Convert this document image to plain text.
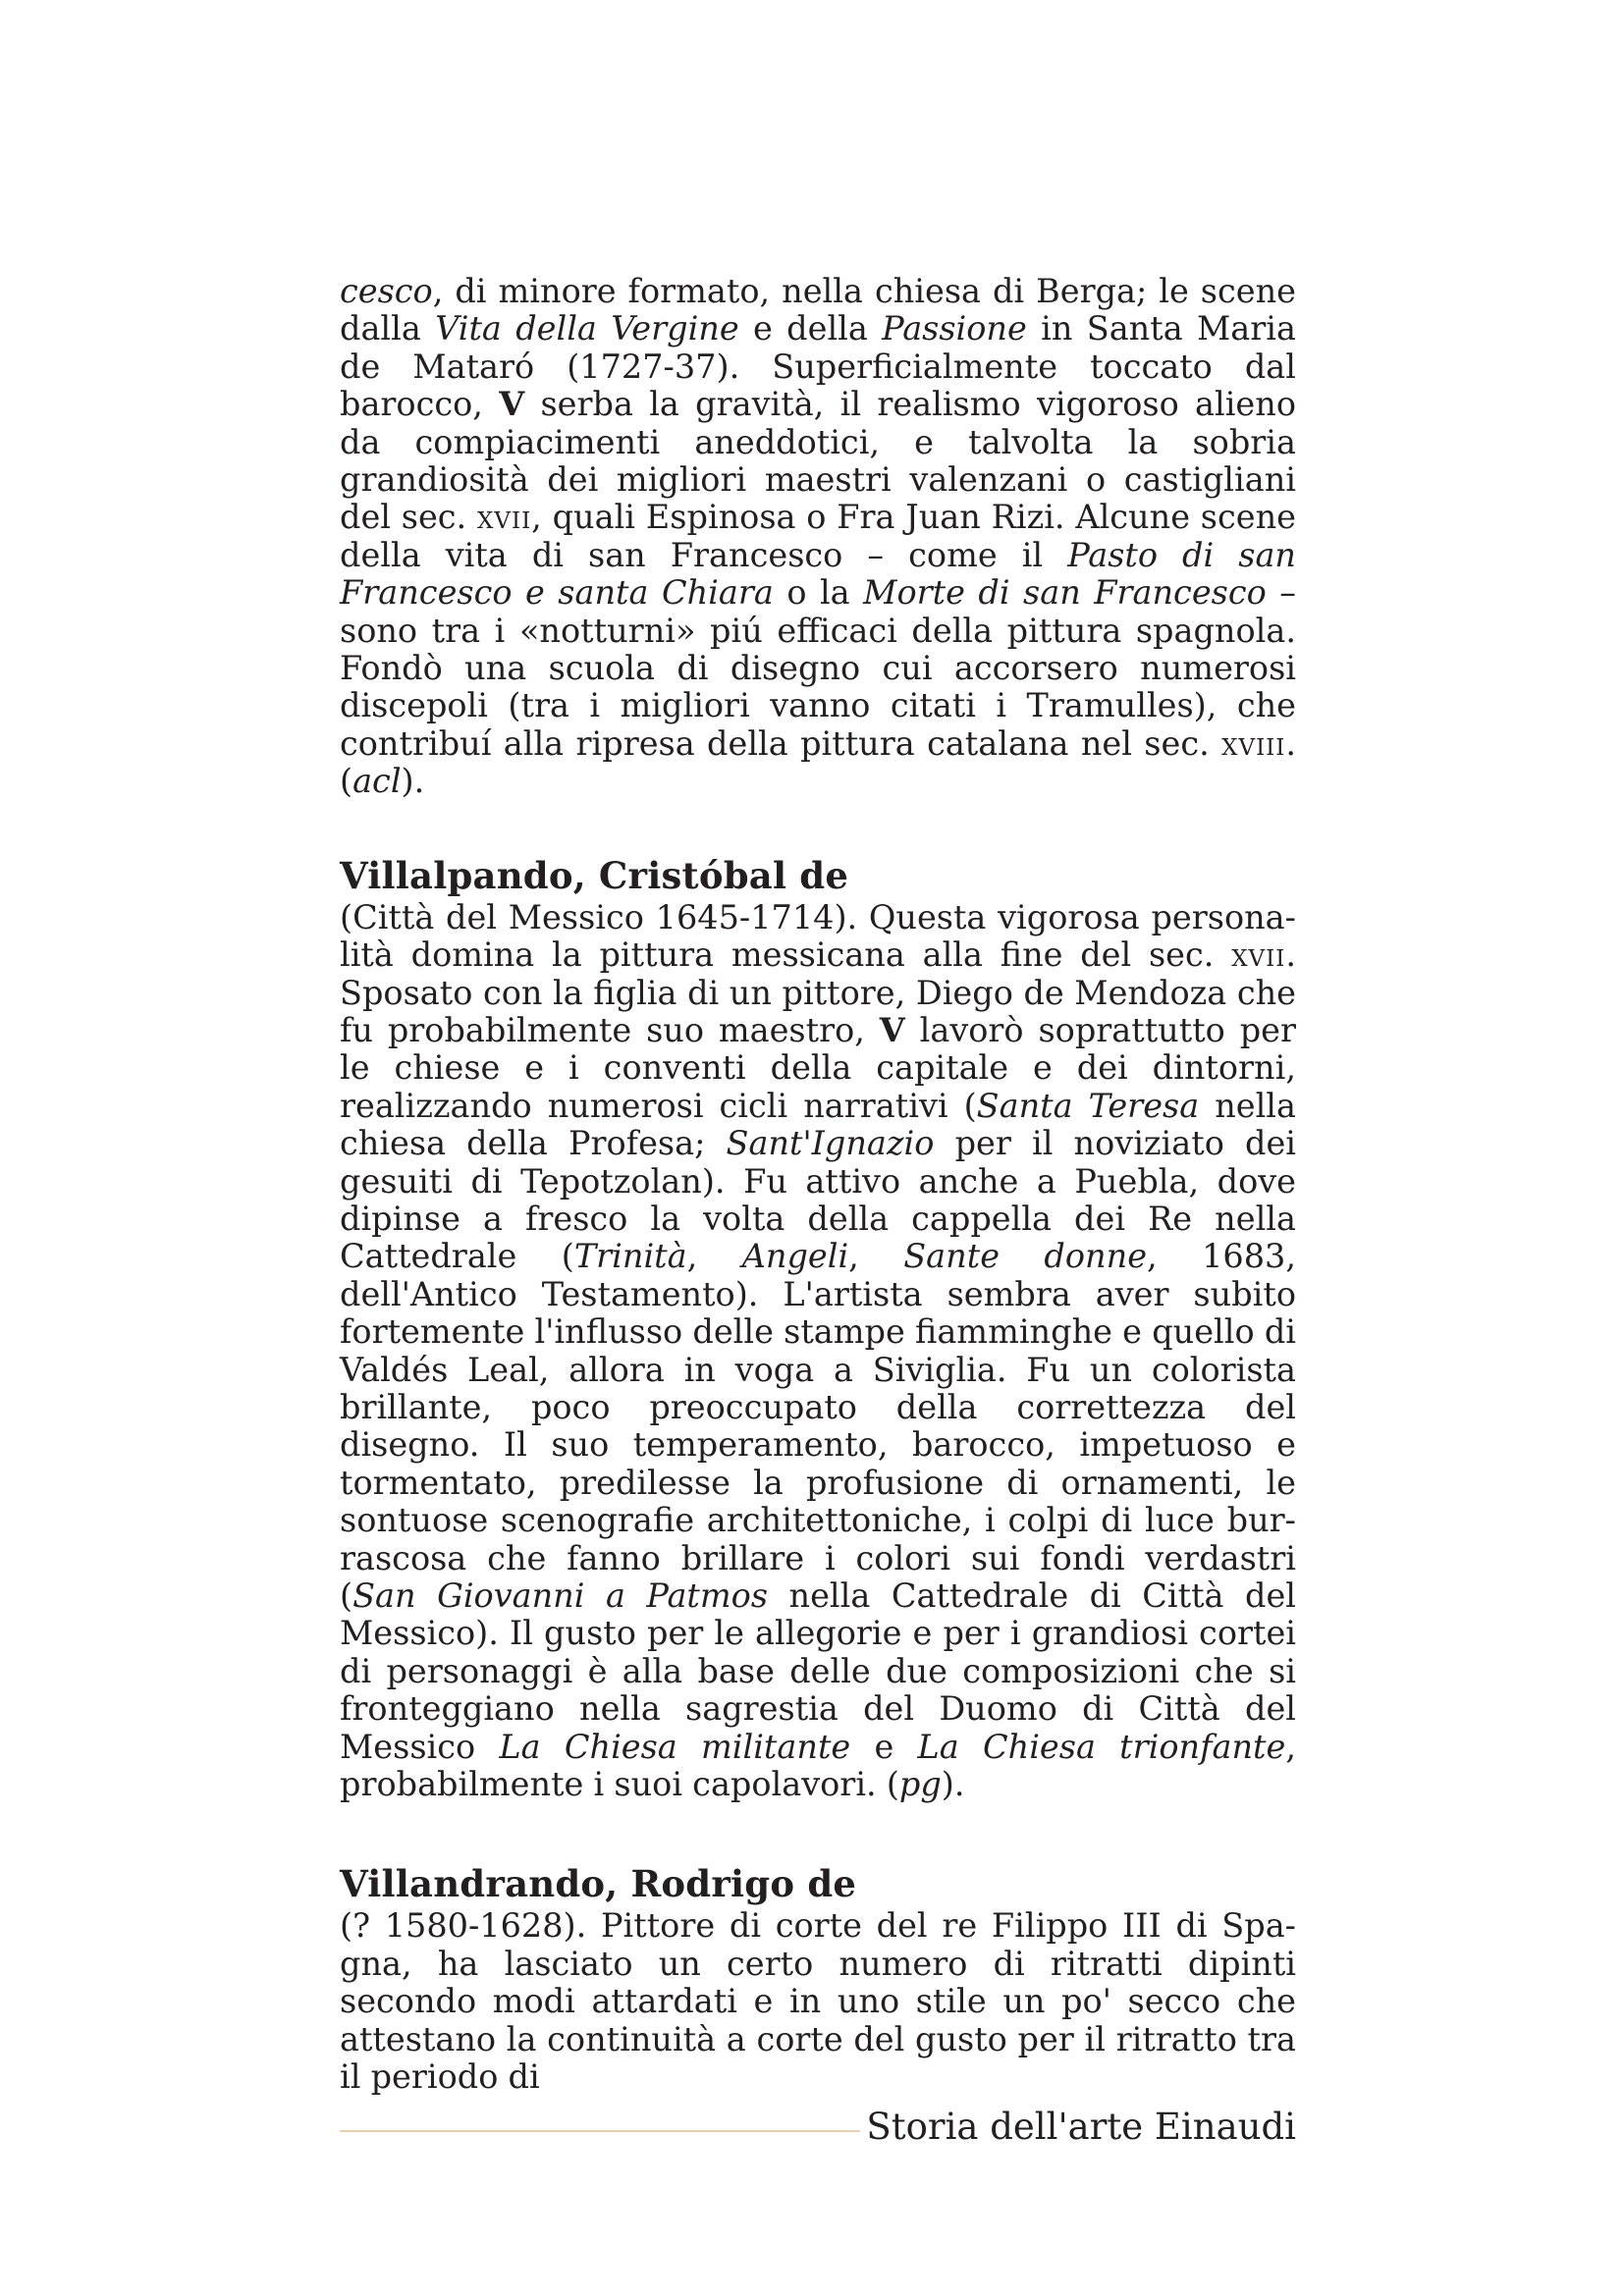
cesco, di minore formato, nella chiesa di Berga; le scene dalla Vita della Vergine e della Passione in Santa Maria de Mataró (1727-37). Superficialmente toccato dal barocco, V serba la gravità, il realismo vigoroso alieno da compiacimenti aneddotici, e talvolta la sobria grandiosità dei migliori maestri valenzani o castigliani del sec. xvii, quali Espinosa o Fra Juan Rizi. Alcune scene della vita di san Francesco – come il Pasto di san Francesco e santa Chiara o la Morte di san Francesco – sono tra i «notturni» piú efficaci della pittura spagnola. Fondò una scuola di disegno cui accorsero numerosi discepoli (tra i migliori vanno citati i Tramulles), che contribuí alla ripresa della pittura catalana nel sec. xviii. (acl).

Villalpando, Cristóbal de

(Città del Messico 1645-1714). Questa vigorosa personalità domina la pittura messicana alla fine del sec. xvii. Sposato con la figlia di un pittore, Diego de Mendoza che fu probabilmente suo maestro, V lavorò soprattutto per le chiese e i conventi della capitale e dei dintorni, realizzando numerosi cicli narrativi (Santa Teresa nella chiesa della Profesa; Sant'Ignazio per il noviziato dei gesuiti di Tepotzolan). Fu attivo anche a Puebla, dove dipinse a fresco la volta della cappella dei Re nella Cattedrale (Trinità, Angeli, Sante donne, 1683, dell'Antico Testamento). L'artista sembra aver subito fortemente l'influsso delle stampe fiamminghe e quello di Valdés Leal, allora in voga a Siviglia. Fu un colorista brillante, poco preoccupato della correttezza del disegno. Il suo temperamento, barocco, impetuoso e tormentato, predilesse la profusione di ornamenti, le sontuose scenografie architettoniche, i colpi di luce burrascosa che fanno brillare i colori sui fondi verdastri (San Giovanni a Patmos nella Cattedrale di Città del Messico). Il gusto per le allegorie e per i grandiosi cortei di personaggi è alla base delle due composizioni che si fronteggiano nella sagrestia del Duomo di Città del Messico La Chiesa militante e La Chiesa trionfante, probabilmente i suoi capolavori. (pg).

Villandrando, Rodrigo de

(? 1580-1628). Pittore di corte del re Filippo III di Spagna, ha lasciato un certo numero di ritratti dipinti secondo modi attardati e in uno stile un po' secco che attestano la continuità a corte del gusto per il ritratto tra il periodo di

Storia dell'arte Einaudi
